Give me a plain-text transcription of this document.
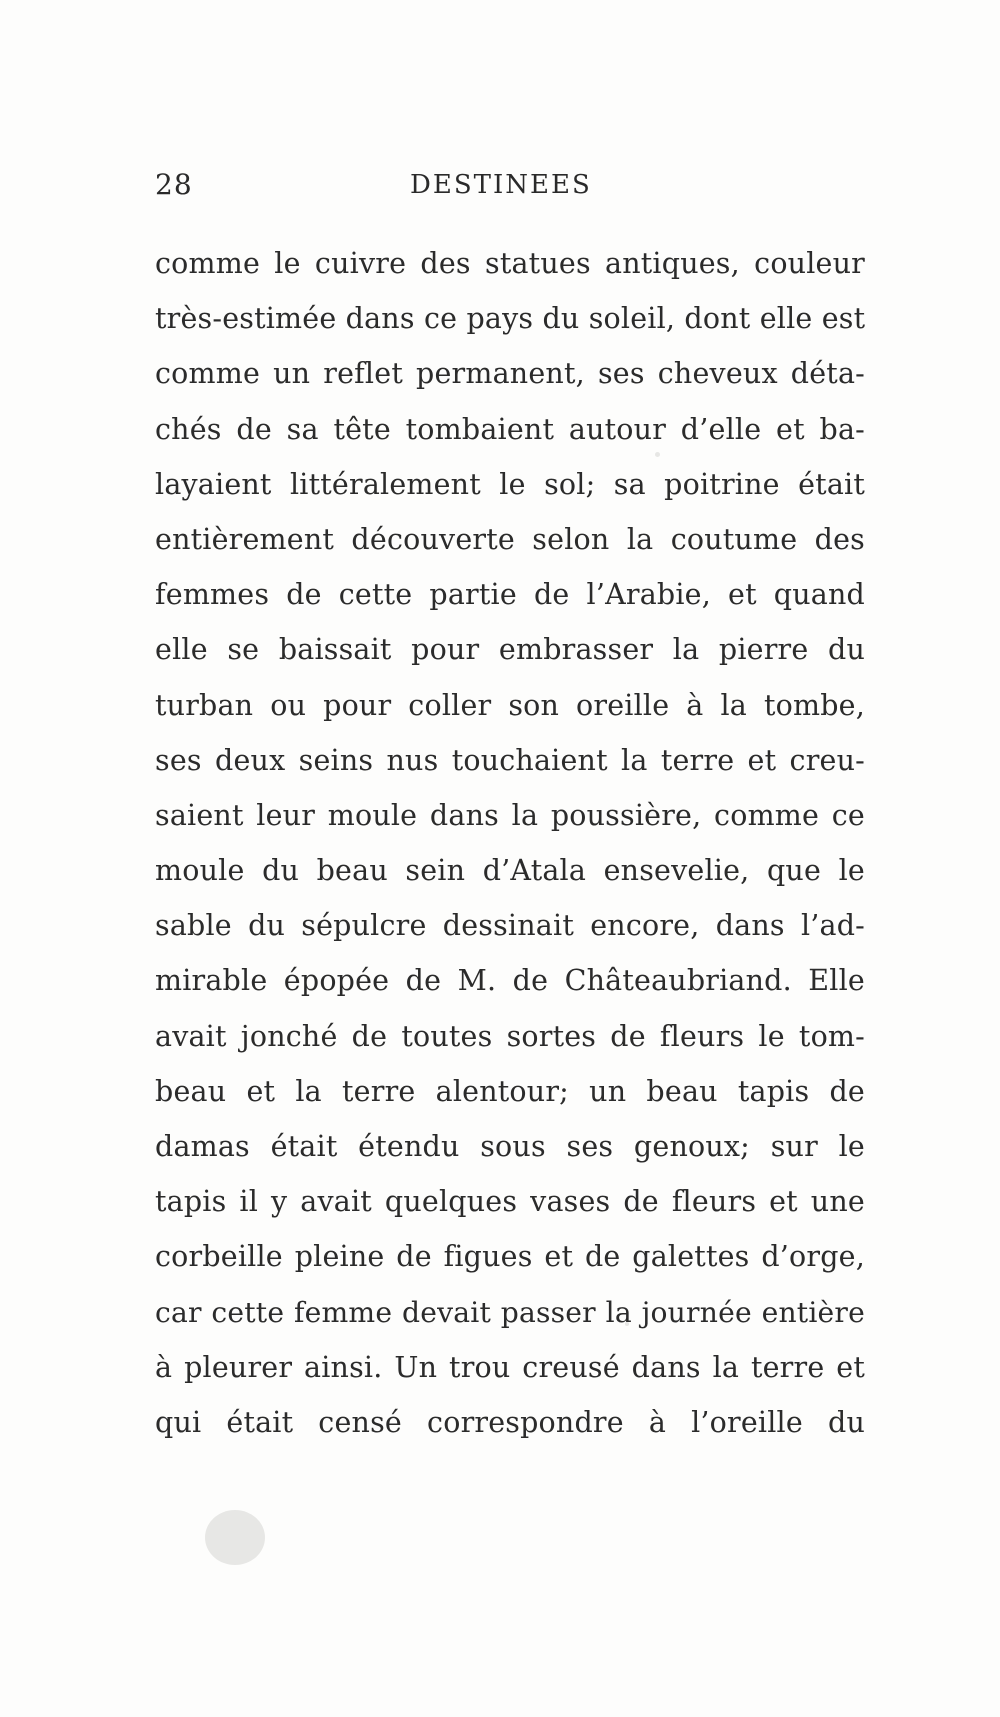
28	DESTINEES
comme le cuivre des statues antiques, couleur
très-estimée dans ce pays du soleil, dont elle est
comme un reflet permanent, ses cheveux déta-
chés de sa tête tombaient autour d’elle et ba-
layaient littéralement le sol; sa poitrine était
entièrement découverte selon la coutume des
femmes de cette partie de l’Arabie, et quand
elle se baissait pour embrasser la pierre du
turban ou pour coller son oreille à la tombe,
ses deux seins nus touchaient la terre et creu-
saient leur moule dans la poussière, comme ce
moule du beau sein d’Atala ensevelie, que le
sable du sépulcre dessinait encore, dans l’ad-
mirable épopée de M. de Châteaubriand. Elle
avait jonché de toutes sortes de fleurs le tom-
beau et la terre alentour; un beau tapis de
damas était étendu sous ses genoux; sur le
tapis il y avait quelques vases de fleurs et une
corbeille pleine de figues et de galettes d’orge,
car cette femme devait passer la journée entière
à pleurer ainsi. Un trou creusé dans la terre et
qui était censé correspondre à l’oreille du
